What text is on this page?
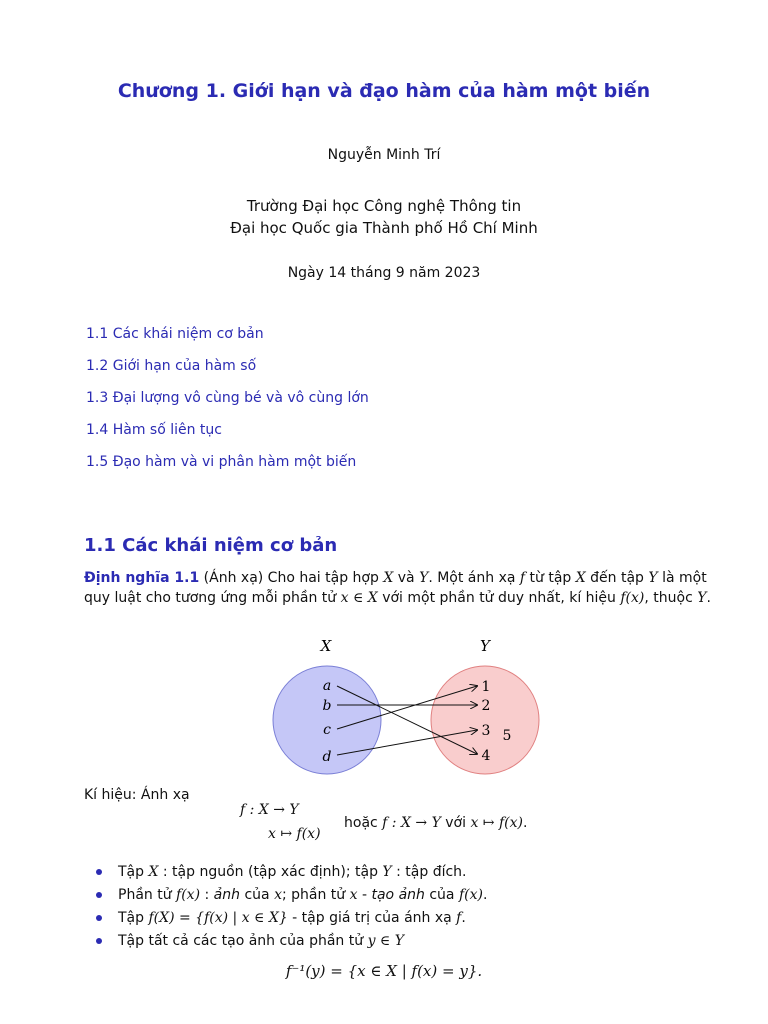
Chương 1. Giới hạn và đạo hàm của hàm một biến
Nguyễn Minh Trí
Trường Đại học Công nghệ Thông tin
Đại học Quốc gia Thành phố Hồ Chí Minh
Ngày 14 tháng 9 năm 2023
1.1 Các khái niệm cơ bản
1.2 Giới hạn của hàm số
1.3 Đại lượng vô cùng bé và vô cùng lớn
1.4 Hàm số liên tục
1.5 Đạo hàm và vi phân hàm một biến
1.1 Các khái niệm cơ bản
Định nghĩa 1.1 (Ánh xạ) Cho hai tập hợp X và Y. Một ánh xạ f từ tập X đến tập Y là một quy luật cho tương ứng mỗi phần tử x ∈ X với một phần tử duy nhất, kí hiệu f(x), thuộc Y.
X	Y
a
b
c
d
1
2
3
4
5
Kí hiệu: Ánh xạ
f : X → Y
x ↦ f(x)
hoặc f : X → Y với x ↦ f(x).
Tập X : tập nguồn (tập xác định); tập Y : tập đích.
Phần tử f(x) : ảnh của x; phần tử x - tạo ảnh của f(x).
Tập f(X) = {f(x) | x ∈ X} - tập giá trị của ánh xạ f.
Tập tất cả các tạo ảnh của phần tử y ∈ Y
f⁻¹(y) = {x ∈ X | f(x) = y}.
